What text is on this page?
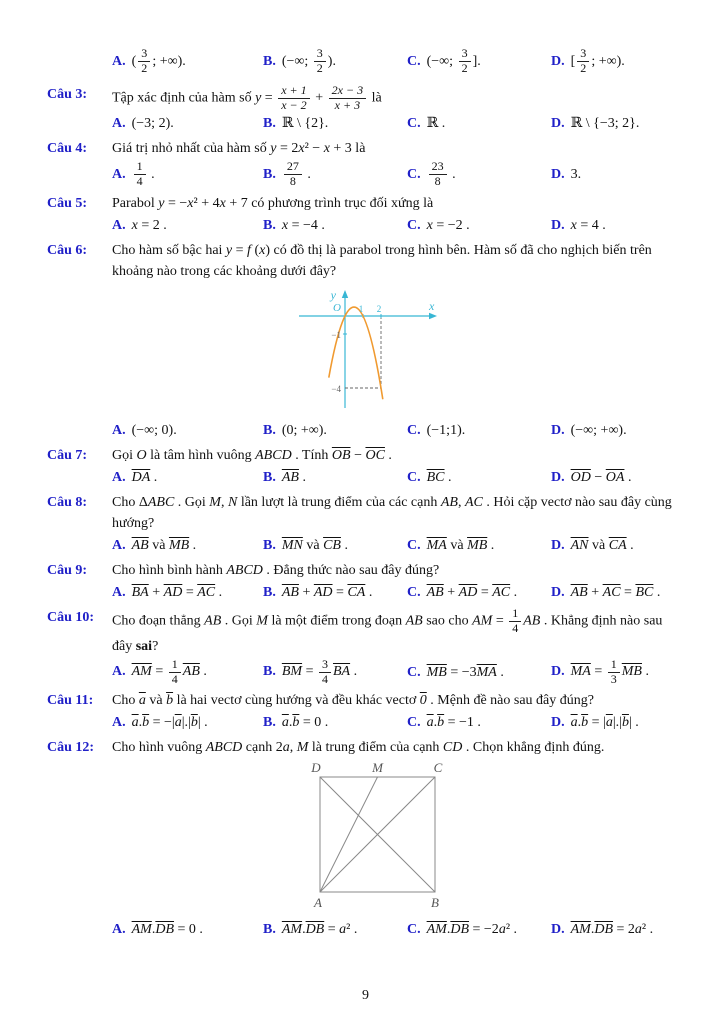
A. ( $\frac{3}{2}$ ; +∞).	B. (−∞; $\frac{3}{2}$ ).	C. (−∞; $\frac{3}{2}$ ].	D. [ $\frac{3}{2}$ ; +∞).
Câu 3:	Tập xác định của hàm số $y = \frac{x + 1}{x - 2} + \frac{2x - 3}{x + 3}$ là
A. (−3; 2).	B. ℝ \ {2}.	C. ℝ .	D. ℝ \ {−3; 2}.
Câu 4:	Giá trị nhỏ nhất của hàm số y = 2x² − x + 3 là
A. $\frac{1}{4}$ .	B. $\frac{27}{8}$ .	C. $\frac{23}{8}$ .	D. 3.
Câu 5:	Parabol y = −x² + 4x + 7 có phương trình trục đối xứng là
A. x = 2 .	B. x = −4 .	C. x = −2 .	D. x = 4 .
Câu 6:	Cho hàm số bậc hai y = f (x) có đồ thị là parabol trong hình bên. Hàm số đã cho nghịch biến trên khoảng nào trong các khoảng dưới đây?
y
x
O 1 2
−1
−4
A. (−∞; 0).	B. (0; +∞).	C. (−1;1).	D. (−∞; +∞).
Câu 7:	Gọi O là tâm hình vuông ABCD . Tính $\overline{OB} - \overline{OC}$ .
A. $\overline{DA}$ .	B. $\overline{AB}$ .	C. $\overline{BC}$ .	D. $\overline{OD} - \overline{OA}$ .
Câu 8:	Cho ΔABC . Gọi M, N lần lượt là trung điểm của các cạnh AB, AC . Hỏi cặp vectơ nào sau đây cùng hướng?
A. $\overline{AB}$ và $\overline{MB}$ .	B. $\overline{MN}$ và $\overline{CB}$ .	C. $\overline{MA}$ và $\overline{MB}$ .	D. $\overline{AN}$ và $\overline{CA}$ .
Câu 9:	Cho hình bình hành ABCD . Đẳng thức nào sau đây đúng?
A. $\overline{BA} + \overline{AD} = \overline{AC}$ .	B. $\overline{AB} + \overline{AD} = \overline{CA}$ .	C. $\overline{AB} + \overline{AD} = \overline{AC}$ .	D. $\overline{AB} + \overline{AC} = \overline{BC}$ .
Câu 10:	Cho đoạn thẳng AB . Gọi M là một điểm trong đoạn AB sao cho AM = $\frac{1}{4}$ AB . Khẳng định nào sau đây sai?
A. $\overline{AM} = \frac{1}{4} \overline{AB}$ .	B. $\overline{BM} = \frac{3}{4} \overline{BA}$ .	C. $\overline{MB} = -3\overline{MA}$ .	D. $\overline{MA} = \frac{1}{3} \overline{MB}$ .
Câu 11:	Cho $\overline{a}$ và $\overline{b}$ là hai vectơ cùng hướng và đều khác vectơ 0 . Mệnh đề nào sau đây đúng?
A. $\overline{a}.\overline{b} = -|\overline{a}|.|\overline{b}|$ .	B. $\overline{a}.\overline{b} = 0$ .	C. $\overline{a}.\overline{b} = -1$ .	D. $\overline{a}.\overline{b} = |\overline{a}|.|\overline{b}|$ .
Câu 12:	Cho hình vuông ABCD cạnh 2a, M là trung điểm của cạnh CD . Chọn khẳng định đúng.
D	M	C
A	B
A. $\overline{AM}.\overline{DB} = 0$ .	B. $\overline{AM}.\overline{DB} = a^2$ .	C. $\overline{AM}.\overline{DB} = -2a^2$ .	D. $\overline{AM}.\overline{DB} = 2a^2$ .
9
